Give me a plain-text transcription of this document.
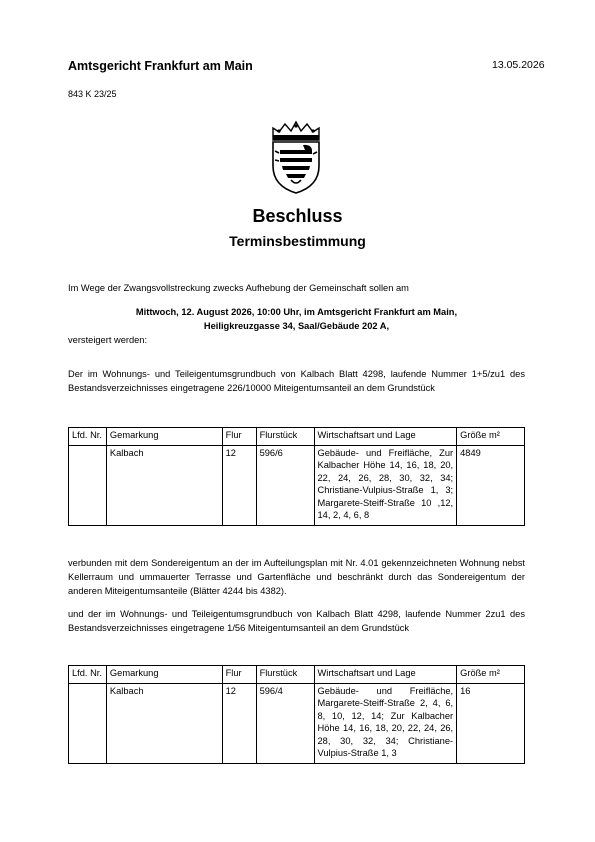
Amtsgericht Frankfurt am Main	13.05.2026
843 K 23/25
Beschluss
Terminsbestimmung
Im Wege der Zwangsvollstreckung zwecks Aufhebung der Gemeinschaft sollen am
Mittwoch, 12. August 2026, 10:00 Uhr, im Amtsgericht Frankfurt am Main,
Heiligkreuzgasse 34, Saal/Gebäude 202 A,
versteigert werden:
Der im Wohnungs- und Teileigentumsgrundbuch von Kalbach Blatt 4298, laufende Nummer 1+5/zu1 des Bestandsverzeichnisses eingetragene 226/10000 Miteigentumsanteil an dem Grundstück
Lfd. Nr.	Gemarkung	Flur	Flurstück	Wirtschaftsart und Lage	Größe m²
	Kalbach	12	596/6	Gebäude- und Freifläche, Zur Kalbacher Höhe 14, 16, 18, 20, 22, 24, 26, 28, 30, 32, 34; Christiane-Vulpius-Straße 1, 3; Margarete-Steiff-Straße 10 ,12, 14, 2, 4, 6, 8	4849
verbunden mit dem Sondereigentum an der im Aufteilungsplan mit Nr. 4.01 gekennzeichneten Wohnung nebst Kellerraum und ummauerter Terrasse und Gartenfläche und beschränkt durch das Sondereigentum der anderen Miteigentumsanteile (Blätter 4244 bis 4382).
und der im Wohnungs- und Teileigentumsgrundbuch von Kalbach Blatt 4298, laufende Nummer 2zu1 des Bestandsverzeichnisses eingetragene 1/56 Miteigentumsanteil an dem Grundstück
Lfd. Nr.	Gemarkung	Flur	Flurstück	Wirtschaftsart und Lage	Größe m²
	Kalbach	12	596/4	Gebäude- und Freifläche, Margarete-Steiff-Straße 2, 4, 6, 8, 10, 12, 14; Zur Kalbacher Höhe 14, 16, 18, 20, 22, 24, 26, 28, 30, 32, 34; Christiane-Vulpius-Straße 1, 3	16
